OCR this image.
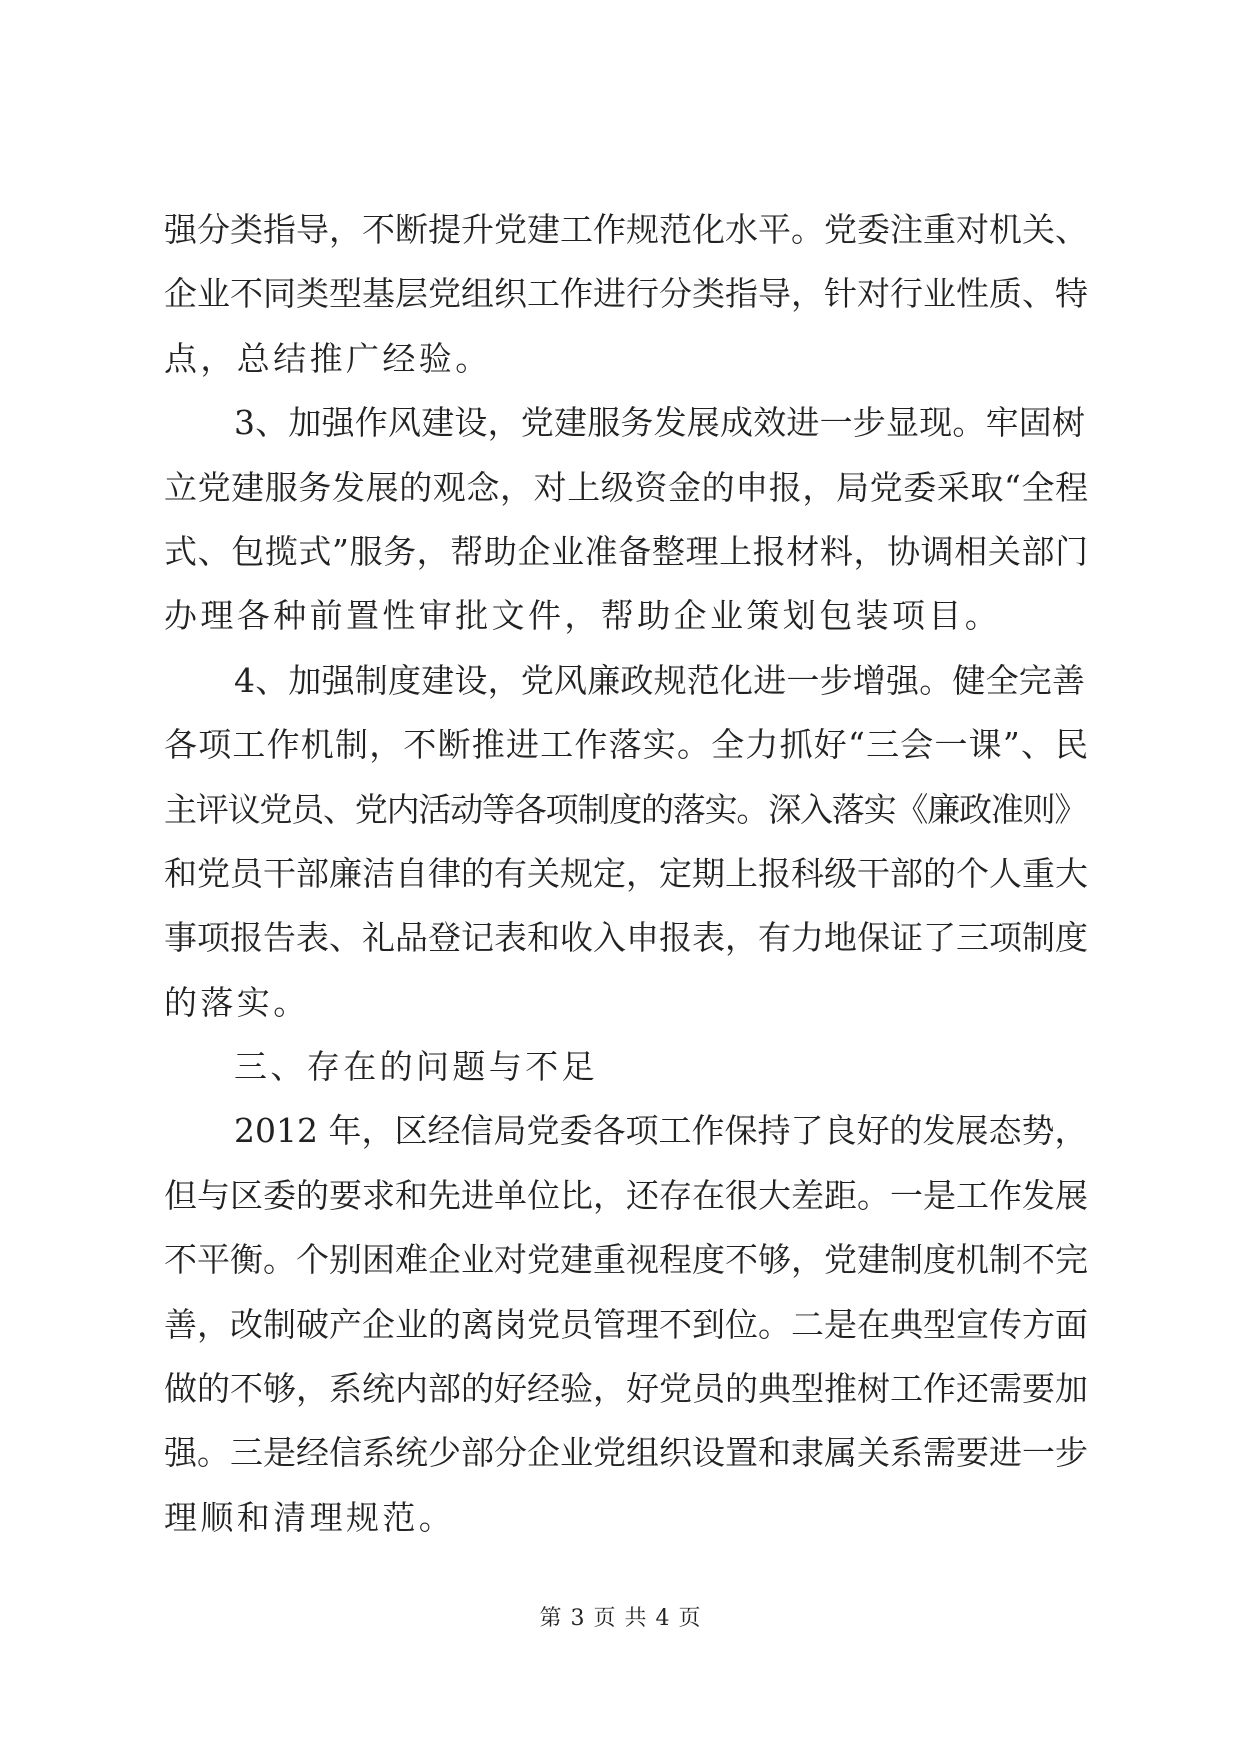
强分类指导，不断提升党建工作规范化水平。党委注重对机关、
企业不同类型基层党组织工作进行分类指导，针对行业性质、特
点，总结推广经验。
3、加强作风建设，党建服务发展成效进一步显现。牢固树
立党建服务发展的观念，对上级资金的申报，局党委采取“全程
式、包揽式”服务，帮助企业准备整理上报材料，协调相关部门
办理各种前置性审批文件，帮助企业策划包装项目。
4、加强制度建设，党风廉政规范化进一步增强。健全完善
各项工作机制，不断推进工作落实。全力抓好“三会一课”、民
主评议党员、党内活动等各项制度的落实。深入落实《廉政准则》
和党员干部廉洁自律的有关规定，定期上报科级干部的个人重大
事项报告表、礼品登记表和收入申报表，有力地保证了三项制度
的落实。
三、存在的问题与不足
2012 年，区经信局党委各项工作保持了良好的发展态势，
但与区委的要求和先进单位比，还存在很大差距。一是工作发展
不平衡。个别困难企业对党建重视程度不够，党建制度机制不完
善，改制破产企业的离岗党员管理不到位。二是在典型宣传方面
做的不够，系统内部的好经验，好党员的典型推树工作还需要加
强。三是经信系统少部分企业党组织设置和隶属关系需要进一步
理顺和清理规范。
第 3 页 共 4 页
